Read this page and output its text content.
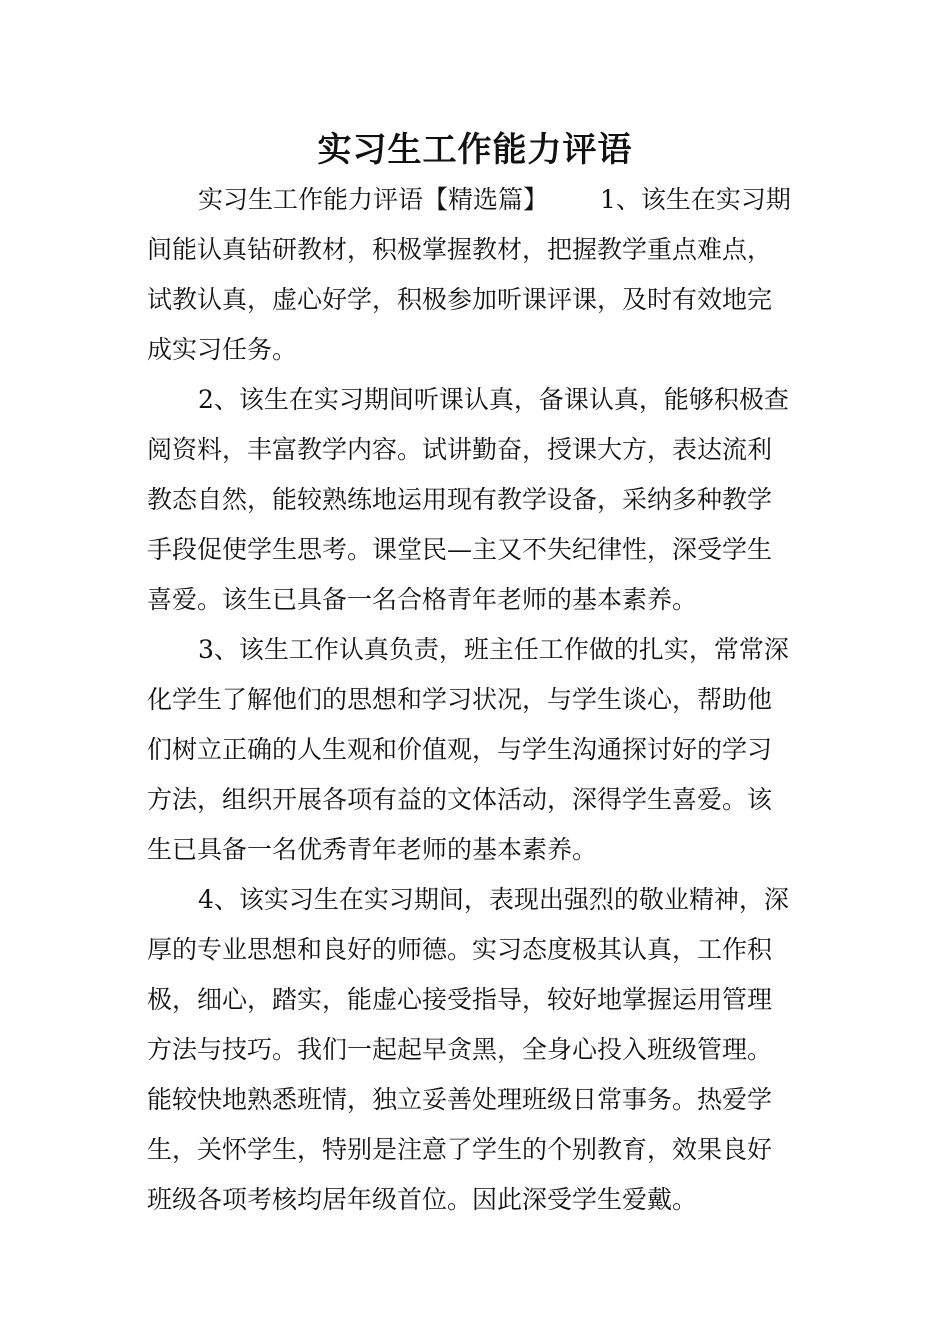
实习生工作能力评语
实习生工作能力评语【精选篇】 1、该生在实习期
间能认真钻研教材，积极掌握教材，把握教学重点难点，
试教认真，虚心好学，积极参加听课评课，及时有效地完
成实习任务。
2、该生在实习期间听课认真，备课认真，能够积极查
阅资料，丰富教学内容。试讲勤奋，授课大方，表达流利
教态自然，能较熟练地运用现有教学设备，采纳多种教学
手段促使学生思考。课堂民—主又不失纪律性，深受学生
喜爱。该生已具备一名合格青年老师的基本素养。
3、该生工作认真负责，班主任工作做的扎实，常常深
化学生了解他们的思想和学习状况，与学生谈心，帮助他
们树立正确的人生观和价值观，与学生沟通探讨好的学习
方法，组织开展各项有益的文体活动，深得学生喜爱。该
生已具备一名优秀青年老师的基本素养。
4、该实习生在实习期间，表现出强烈的敬业精神，深
厚的专业思想和良好的师德。实习态度极其认真，工作积
极，细心，踏实，能虚心接受指导，较好地掌握运用管理
方法与技巧。我们一起起早贪黑，全身心投入班级管理。
能较快地熟悉班情，独立妥善处理班级日常事务。热爱学
生，关怀学生，特别是注意了学生的个别教育，效果良好
班级各项考核均居年级首位。因此深受学生爱戴。
